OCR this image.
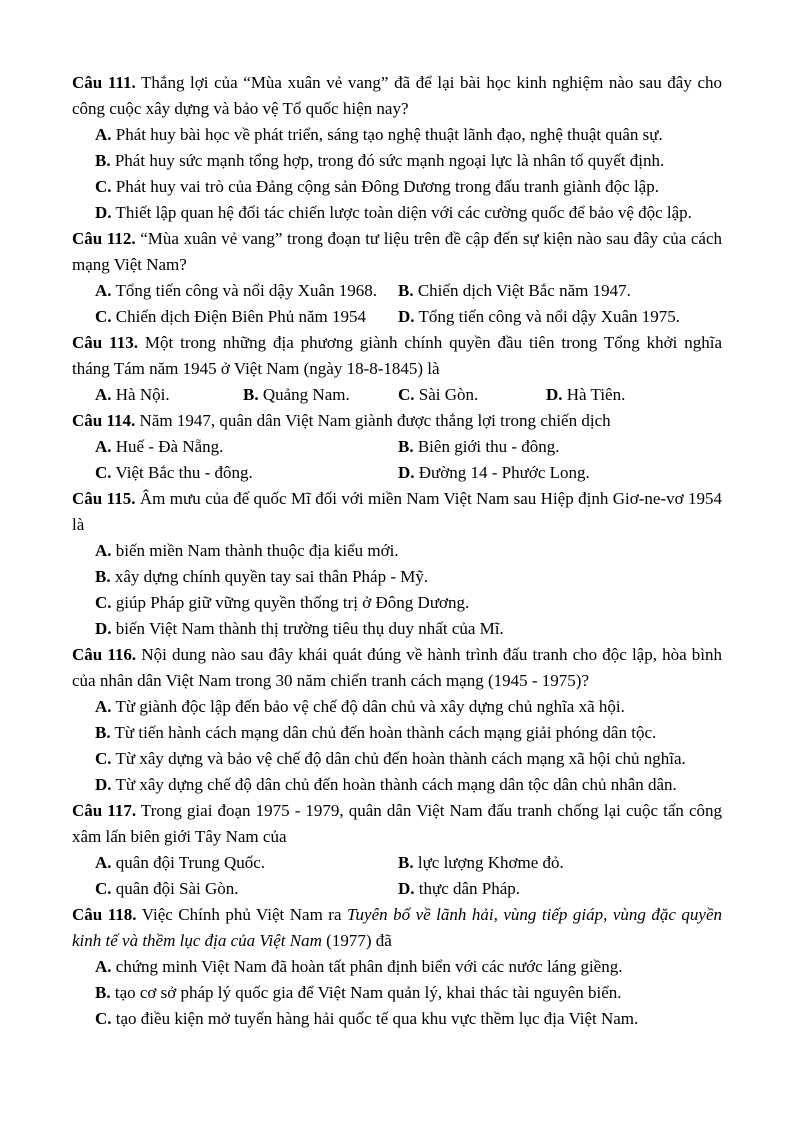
Câu 111. Thắng lợi của “Mùa xuân vẻ vang” đã để lại bài học kinh nghiệm nào sau đây cho công cuộc xây dựng và bảo vệ Tổ quốc hiện nay?
A. Phát huy bài học về phát triển, sáng tạo nghệ thuật lãnh đạo, nghệ thuật quân sự.
B. Phát huy sức mạnh tổng hợp, trong đó sức mạnh ngoại lực là nhân tố quyết định.
C. Phát huy vai trò của Đảng cộng sản Đông Dương trong đấu tranh giành độc lập.
D. Thiết lập quan hệ đối tác chiến lược toàn diện với các cường quốc để bảo vệ độc lập.
Câu 112. “Mùa xuân vẻ vang” trong đoạn tư liệu trên đề cập đến sự kiện nào sau đây của cách mạng Việt Nam?
A. Tổng tiến công và nổi dậy Xuân 1968.	B. Chiến dịch Việt Bắc năm 1947.
C. Chiến dịch Điện Biên Phủ năm 1954	D. Tổng tiến công và nổi dậy Xuân 1975.
Câu 113. Một trong những địa phương giành chính quyền đầu tiên trong Tổng khởi nghĩa tháng Tám năm 1945 ở Việt Nam (ngày 18-8-1845) là
A. Hà Nội.	B. Quảng Nam.	C. Sài Gòn.	D. Hà Tiên.
Câu 114. Năm 1947, quân dân Việt Nam giành được thắng lợi trong chiến dịch
A. Huế - Đà Nẵng.	B. Biên giới thu - đông.
C. Việt Bắc thu - đông.	D. Đường 14 - Phước Long.
Câu 115. Âm mưu của đế quốc Mĩ đối với miền Nam Việt Nam sau Hiệp định Giơ-ne-vơ 1954 là
A. biến miền Nam thành thuộc địa kiểu mới.
B. xây dựng chính quyền tay sai thân Pháp - Mỹ.
C. giúp Pháp giữ vững quyền thống trị ở Đông Dương.
D. biến Việt Nam thành thị trường tiêu thụ duy nhất của Mĩ.
Câu 116. Nội dung nào sau đây khái quát đúng về hành trình đấu tranh cho độc lập, hòa bình của nhân dân Việt Nam trong 30 năm chiến tranh cách mạng (1945 - 1975)?
A. Từ giành độc lập đến bảo vệ chế độ dân chủ và xây dựng chủ nghĩa xã hội.
B. Từ tiến hành cách mạng dân chủ đến hoàn thành cách mạng giải phóng dân tộc.
C. Từ xây dựng và bảo vệ chế độ dân chủ đến hoàn thành cách mạng xã hội chủ nghĩa.
D. Từ xây dựng chế độ dân chủ đến hoàn thành cách mạng dân tộc dân chủ nhân dân.
Câu 117. Trong giai đoạn 1975 - 1979, quân dân Việt Nam đấu tranh chống lại cuộc tấn công xâm lấn biên giới Tây Nam của
A. quân đội Trung Quốc.	B. lực lượng Khơme đỏ.
C. quân đội Sài Gòn.	D. thực dân Pháp.
Câu 118. Việc Chính phủ Việt Nam ra Tuyên bố về lãnh hải, vùng tiếp giáp, vùng đặc quyền kinh tế và thềm lục địa của Việt Nam (1977) đã
A. chứng minh Việt Nam đã hoàn tất phân định biển với các nước láng giềng.
B. tạo cơ sở pháp lý quốc gia để Việt Nam quản lý, khai thác tài nguyên biển.
C. tạo điều kiện mở tuyến hàng hải quốc tế qua khu vực thềm lục địa Việt Nam.
